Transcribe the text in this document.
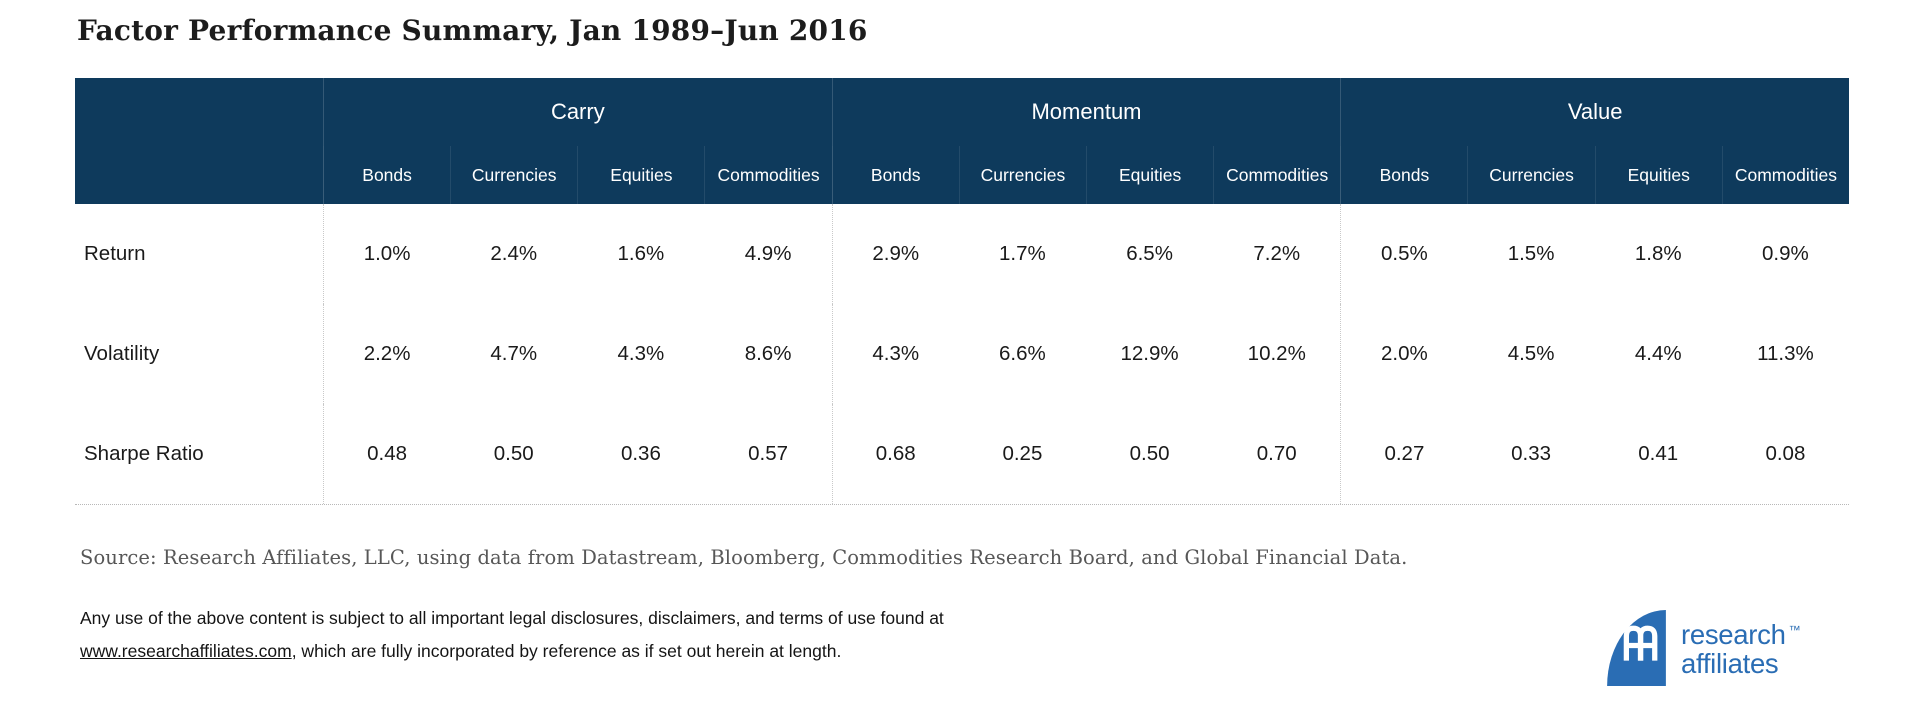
Factor Performance Summary, Jan 1989–Jun 2016
Carry	Momentum	Value
Bonds	Currencies	Equities	Commodities	Bonds	Currencies	Equities	Commodities	Bonds	Currencies	Equities	Commodities
Return	1.0%	2.4%	1.6%	4.9%	2.9%	1.7%	6.5%	7.2%	0.5%	1.5%	1.8%	0.9%
Volatility	2.2%	4.7%	4.3%	8.6%	4.3%	6.6%	12.9%	10.2%	2.0%	4.5%	4.4%	11.3%
Sharpe Ratio	0.48	0.50	0.36	0.57	0.68	0.25	0.50	0.70	0.27	0.33	0.41	0.08
Source: Research Affiliates, LLC, using data from Datastream, Bloomberg, Commodities Research Board, and Global Financial Data.
Any use of the above content is subject to all important legal disclosures, disclaimers, and terms of use found at
www.researchaffiliates.com, which are fully incorporated by reference as if set out herein at length.
research ™
affiliates
